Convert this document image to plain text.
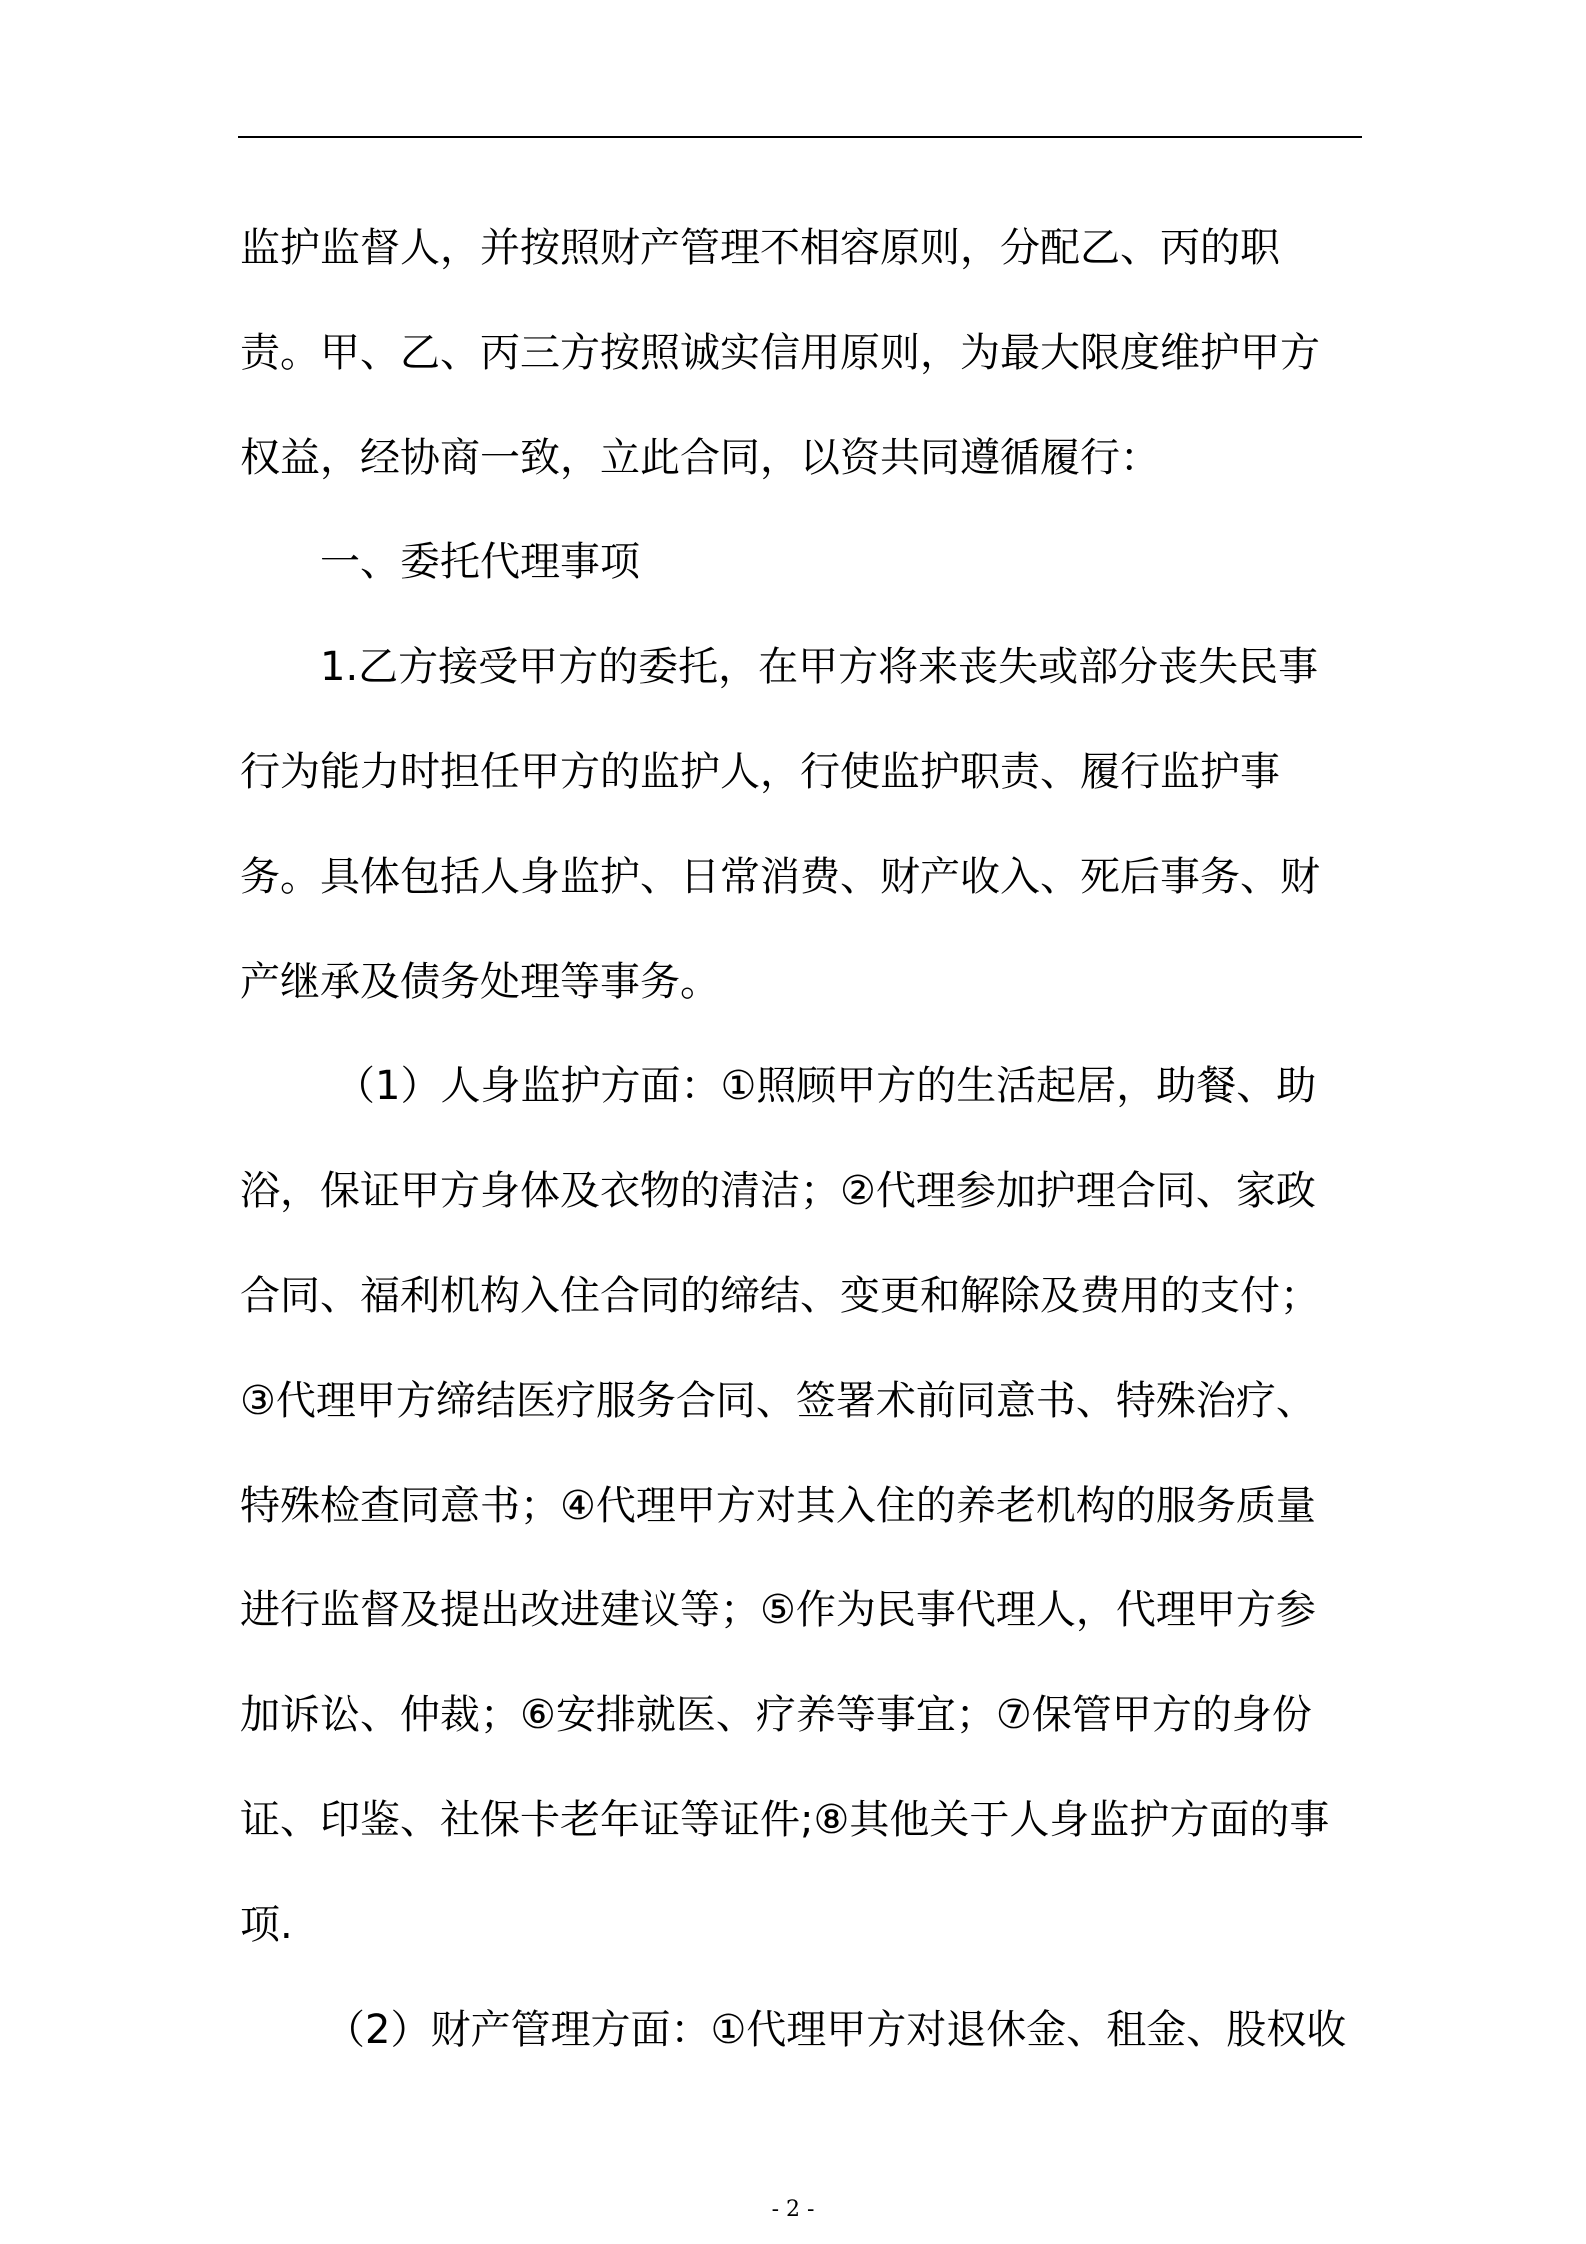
监护监督人，并按照财产管理不相容原则，分配乙、丙的职
责。甲、乙、丙三方按照诚实信用原则，为最大限度维护甲方
权益，经协商一致，立此合同，以资共同遵循履行：
一、委托代理事项
1.乙方接受甲方的委托，在甲方将来丧失或部分丧失民事
行为能力时担任甲方的监护人，行使监护职责、履行监护事
务。具体包括人身监护、日常消费、财产收入、死后事务、财
产继承及债务处理等事务。
（1）人身监护方面：①照顾甲方的生活起居，助餐、助
浴，保证甲方身体及衣物的清洁；②代理参加护理合同、家政
合同、福利机构入住合同的缔结、变更和解除及费用的支付；
③代理甲方缔结医疗服务合同、签署术前同意书、特殊治疗、
特殊检查同意书；④代理甲方对其入住的养老机构的服务质量
进行监督及提出改进建议等；⑤作为民事代理人，代理甲方参
加诉讼、仲裁；⑥安排就医、疗养等事宜；⑦保管甲方的身份
证、印鉴、社保卡老年证等证件;⑧其他关于人身监护方面的事
项.
（2）财产管理方面：①代理甲方对退休金、租金、股权收
- 2 -
